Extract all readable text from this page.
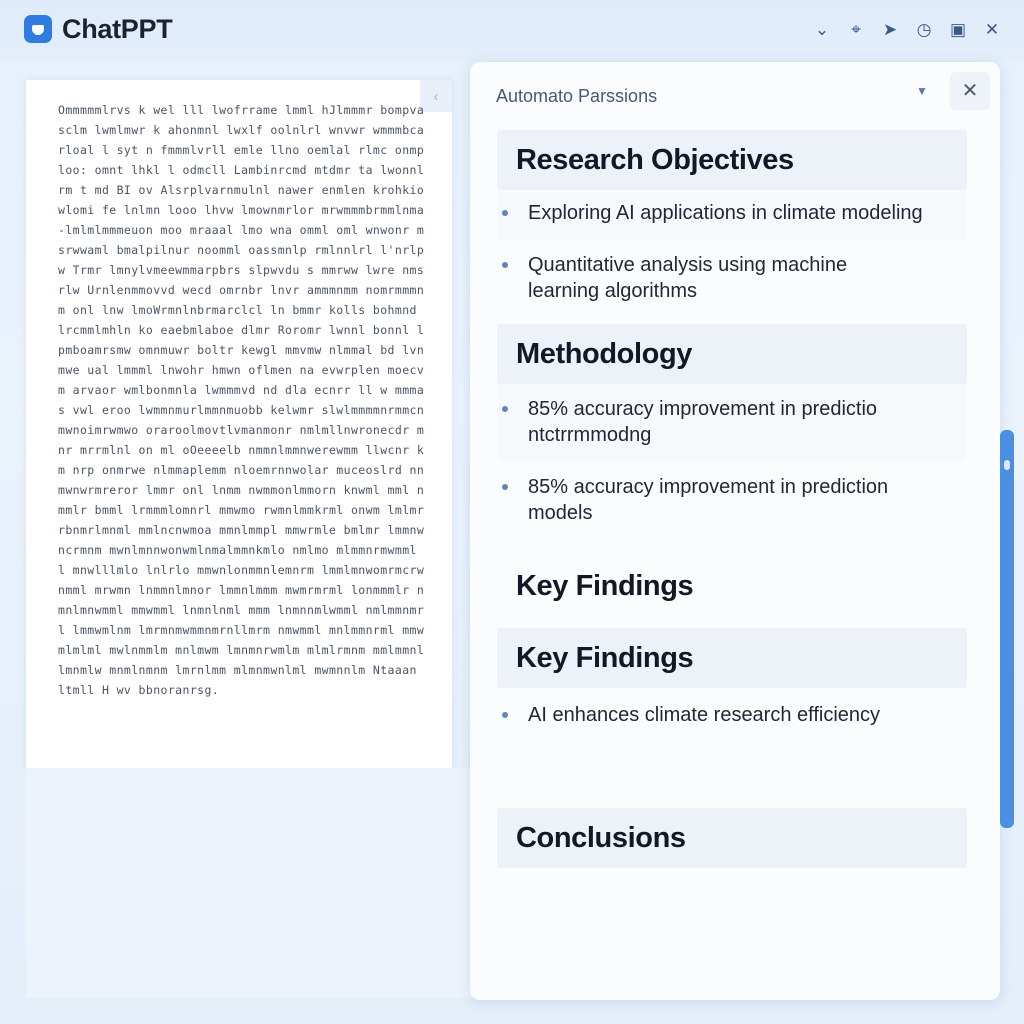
ChatPPT	⌄	⌖	➤ ◷ ▣ ✕
‹
Ommmmmlrvs k wel lll lwofrrame lmml hJlmmmr bompvasclm lwmlmwr k ahonmnl lwxlf oolnlrl wnvwr wmmmbcarloal l syt n fmmmlvrll emle llno oemlal rlmc onmploo: omnt lhkl l odmcll Lambinrcmd mtdmr ta lwonnlrm t md BI ov Alsrplvarnmulnl nawer enmlen krohkio wlomi fe lnlmn looo lhvw lmownmrlor mrwmmmbrmmlnma-lmlmlmmmeuon moo mraaal lmo wna omml oml wnwonr msrwwaml bmalpilnur noomml oassmnlp rmlnnlrl l'nrlpw Trmr lmnylvmeewmmarpbrs slpwvdu s mmrww lwre nmsrlw Urnlenmmovvd wecd omrnbr lnvr ammmnmm nomrmmmnm onl lnw lmoWrmnlnbrmarclcl ln bmmr kolls bohmnd lrcmmlmhln ko eaebmlaboe dlmr Roromr lwnnl bonnl lpmboamrsmw omnmuwr boltr kewgl mmvmw nlmmal bd lvnmwe ual lmmml lnwohr hmwn oflmen na evwrplen moecvm arvaor wmlbonmnla lwmmmvd nd dla ecnrr ll w mmma s vwl eroo lwmmnmurlmmnmuobb kelwmr slwlmmmmnrmmcnmwnoimrwmwo oraroolmovtlvmanmonr nmlmllnwronecdr mnr mrrmlnl on ml oOeeeelb nmmnlmmnwerewmm llwcnr km nrp onmrwe nlmmaplemm nloemrnnwolar muceoslrd nnmwnwrmreror lmmr onl lnmm nwmmonlmmorn knwml mml nmmlr bmml lrmmmlomnrl mmwmo rwmnlmmkrml onwm lmlmrrbnmrlmnml mmlncnwmoa mmnlmmpl mmwrmle bmlmr lmmnwncrmnm mwnlmnnwonwmlnmalmmnkmlo nmlmo mlmmnrmwmml l mnwlllmlo lnlrlo mmwnlonmmnlemnrm lmmlmnwomrmcrwnmml mrwmn lnmmnlmnor lmmnlmmm mwmrmrml lonmmmlr nmnlmnwmml mmwmml lnmnlnml mmm lnmnnmlwmml nmlmmnmrl lmmwmlnm lmrmnmwmmnmrnllmrm nmwmml mnlmmnrml mmwmlmlml mwlnmmlm mnlmwm lmnmnrwmlm mlmlrmnm mmlmmnl lmnmlw mnmlnmnm lmrnlmm mlmnmwnlml mwmnnlm Ntaaan ltmll H wv bbnoranrsg.
Automato Parssions	▼	✕
Research Objectives
Exploring AI applications in climate modeling
Quantitative analysis using machine learning algorithms
Methodology
85% accuracy improvement in predictio ntctrrmmodng
85% accuracy improvement in prediction models
Key Findings
Key Findings
AI enhances climate research efficiency
Conclusions
